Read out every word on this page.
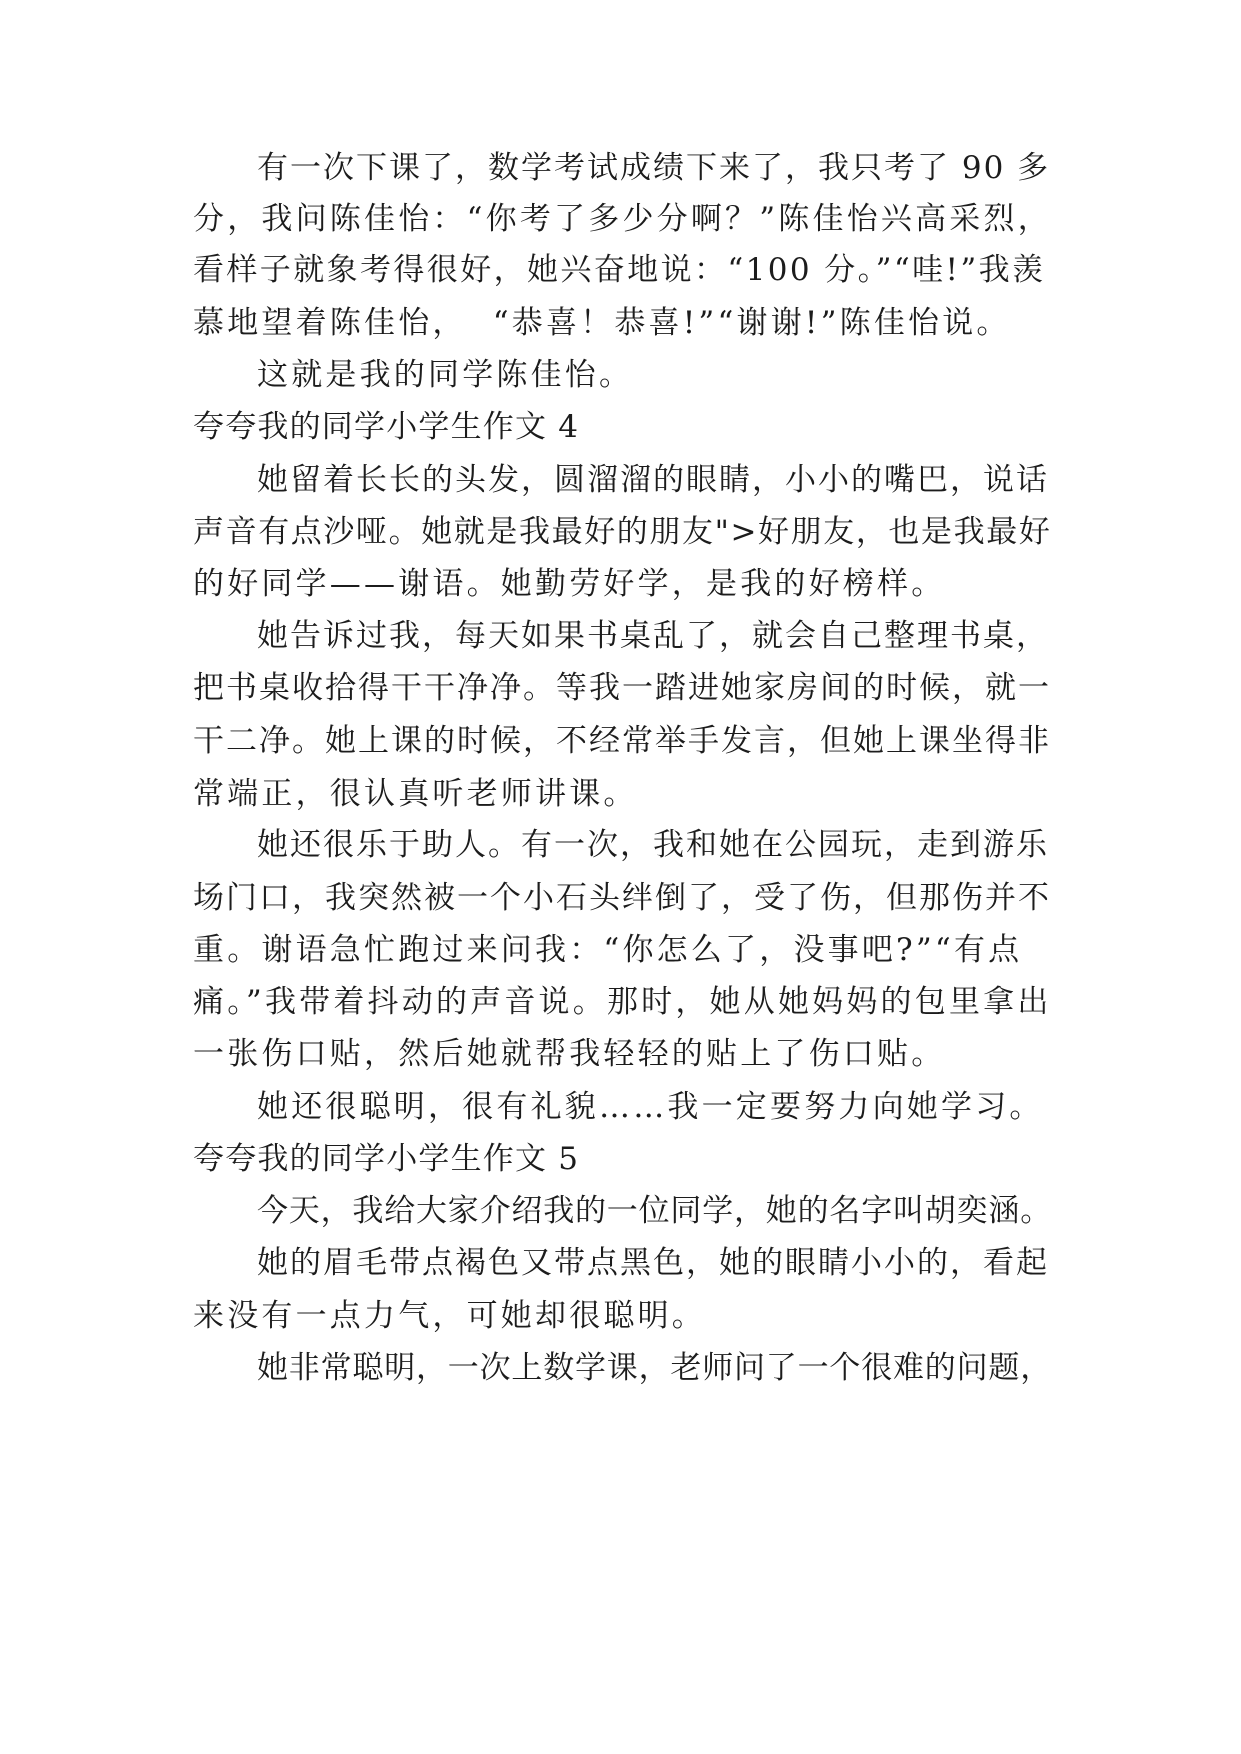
有一次下课了，数学考试成绩下来了，我只考了 90 多
分，我问陈佳怡：“你考了多少分啊？”陈佳怡兴高采烈，
看样子就象考得很好，她兴奋地说：“100 分。”“哇!”我羡
慕地望着陈佳怡，  “恭喜！恭喜!”“谢谢!”陈佳怡说。
这就是我的同学陈佳怡。
夸夸我的同学小学生作文 4
她留着长长的头发，圆溜溜的眼睛，小小的嘴巴，说话
声音有点沙哑。她就是我最好的朋友">好朋友，也是我最好
的好同学——谢语。她勤劳好学，是我的好榜样。
她告诉过我，每天如果书桌乱了，就会自己整理书桌，
把书桌收拾得干干净净。等我一踏进她家房间的时候，就一
干二净。她上课的时候，不经常举手发言，但她上课坐得非
常端正，很认真听老师讲课。
她还很乐于助人。有一次，我和她在公园玩，走到游乐
场门口，我突然被一个小石头绊倒了，受了伤，但那伤并不
重。谢语急忙跑过来问我：“你怎么了，没事吧?”“有点
痛。”我带着抖动的声音说。那时，她从她妈妈的包里拿出
一张伤口贴，然后她就帮我轻轻的贴上了伤口贴。
她还很聪明，很有礼貌……我一定要努力向她学习。
夸夸我的同学小学生作文 5
今天，我给大家介绍我的一位同学，她的名字叫胡奕涵。
她的眉毛带点褐色又带点黑色，她的眼睛小小的，看起
来没有一点力气，可她却很聪明。
她非常聪明，一次上数学课，老师问了一个很难的问题，
